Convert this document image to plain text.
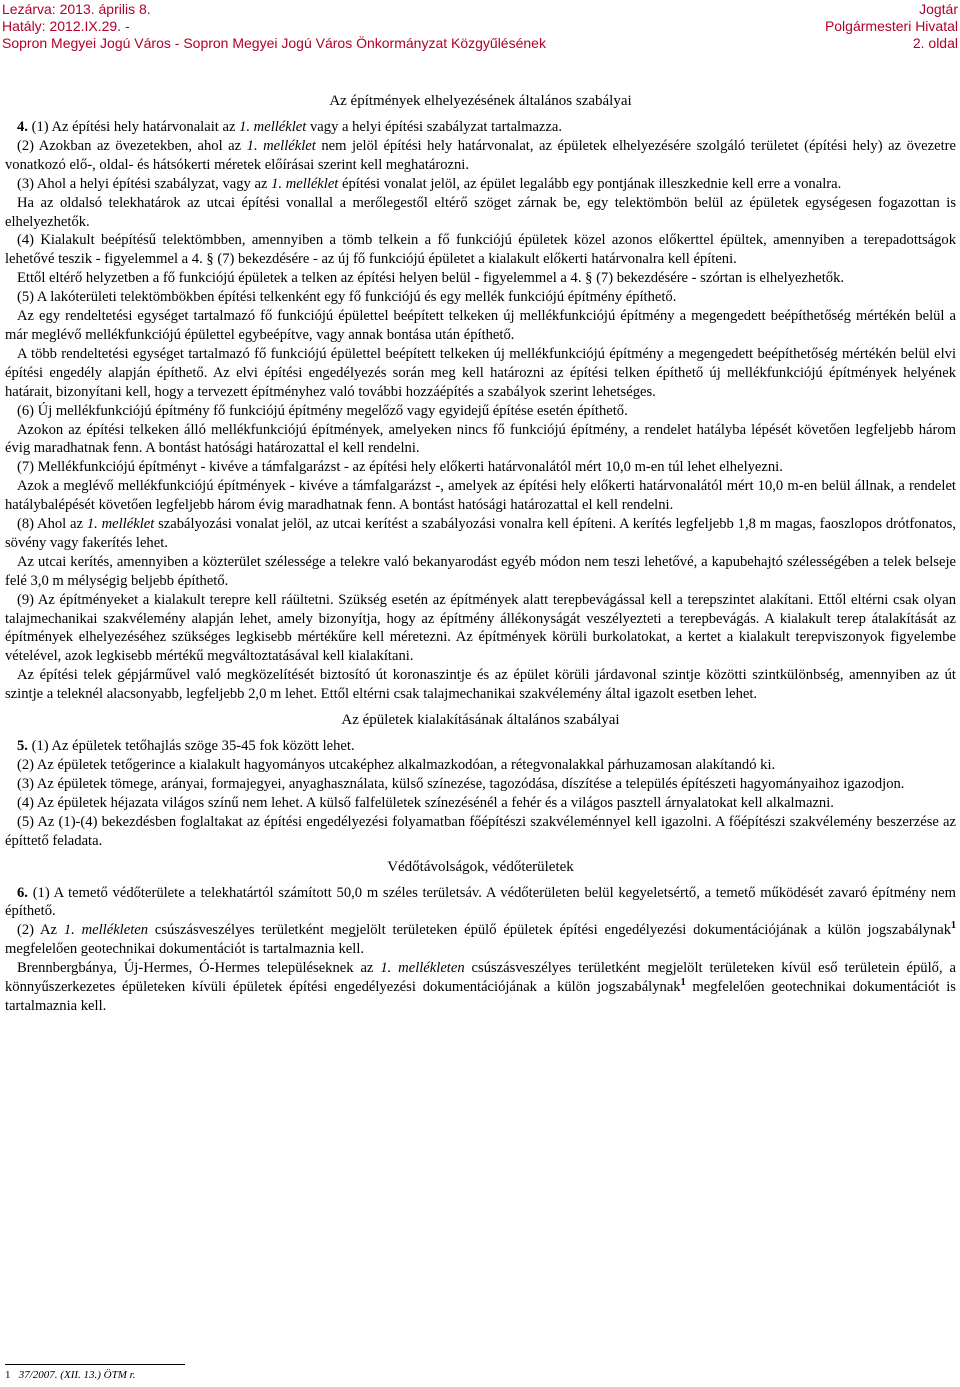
Lezárva: 2013. április 8.
Hatály: 2012.IX.29. -
Sopron Megyei Jogú Város - Sopron Megyei Jogú Város Önkormányzat Közgyűlésének
Jogtár
Polgármesteri Hivatal
2. oldal
Az építmények elhelyezésének általános szabályai

4. (1) Az építési hely határvonalait az 1. melléklet vagy a helyi építési szabályzat tartalmazza.

(2) Azokban az övezetekben, ahol az 1. melléklet nem jelöl építési hely határvonalat, az épületek elhelyezésére szolgáló területet (építési hely) az övezetre vonatkozó elő-, oldal- és hátsókerti méretek előírásai szerint kell meghatározni.

(3) Ahol a helyi építési szabályzat, vagy az 1. melléklet építési vonalat jelöl, az épület legalább egy pontjának illeszkednie kell erre a vonalra.

Ha az oldalsó telekhatárok az utcai építési vonallal a merőlegestől eltérő szöget zárnak be, egy telektömbön belül az épületek egységesen fogazottan is elhelyezhetők.

(4) Kialakult beépítésű telektömbben, amennyiben a tömb telkein a fő funkciójú épületek közel azonos előkerttel épültek, amennyiben a terepadottságok lehetővé teszik - figyelemmel a 4. § (7) bekezdésére - az új fő funkciójú épületet a kialakult előkerti határvonalra kell építeni.

Ettől eltérő helyzetben a fő funkciójú épületek a telken az építési helyen belül - figyelemmel a 4. § (7) bekezdésére - szórtan is elhelyezhetők.

(5) A lakóterületi telektömbökben építési telkenként egy fő funkciójú és egy mellék funkciójú építmény építhető.

Az egy rendeltetési egységet tartalmazó fő funkciójú épülettel beépített telkeken új mellékfunkciójú építmény a megengedett beépíthetőség mértékén belül a már meglévő mellékfunkciójú épülettel egybeépítve, vagy annak bontása után építhető.

A több rendeltetési egységet tartalmazó fő funkciójú épülettel beépített telkeken új mellékfunkciójú építmény a megengedett beépíthetőség mértékén belül elvi építési engedély alapján építhető. Az elvi építési engedélyezés során meg kell határozni az építési telken építhető új mellékfunkciójú építmények helyének határait, bizonyítani kell, hogy a tervezett építményhez való további hozzáépítés a szabályok szerint lehetséges.

(6) Új mellékfunkciójú építmény fő funkciójú építmény megelőző vagy egyidejű építése esetén építhető.

Azokon az építési telkeken álló mellékfunkciójú építmények, amelyeken nincs fő funkciójú építmény, a rendelet hatályba lépését követően legfeljebb három évig maradhatnak fenn. A bontást hatósági határozattal el kell rendelni.

(7) Mellékfunkciójú építményt - kivéve a támfalgarázst - az építési hely előkerti határvonalától mért 10,0 m-en túl lehet elhelyezni.

Azok a meglévő mellékfunkciójú építmények - kivéve a támfalgarázst -, amelyek az építési hely előkerti határvonalától mért 10,0 m-en belül állnak, a rendelet hatálybalépését követően legfeljebb három évig maradhatnak fenn. A bontást hatósági határozattal el kell rendelni.

(8) Ahol az 1. melléklet szabályozási vonalat jelöl, az utcai kerítést a szabályozási vonalra kell építeni. A kerítés legfeljebb 1,8 m magas, faoszlopos drótfonatos, sövény vagy fakerítés lehet.

Az utcai kerítés, amennyiben a közterület szélessége a telekre való bekanyarodást egyéb módon nem teszi lehetővé, a kapubehajtó szélességében a telek belseje felé 3,0 m mélységig beljebb építhető.

(9) Az építményeket a kialakult terepre kell ráültetni. Szükség esetén az építmények alatt terepbevágással kell a terepszintet alakítani. Ettől eltérni csak olyan talajmechanikai szakvélemény alapján lehet, amely bizonyítja, hogy az építmény állékonyságát veszélyezteti a terepbevágás. A kialakult terep átalakítását az építmények elhelyezéséhez szükséges legkisebb mértékűre kell méretezni. Az építmények körüli burkolatokat, a kertet a kialakult terepviszonyok figyelembe vételével, azok legkisebb mértékű megváltoztatásával kell kialakítani.

Az építési telek gépjárművel való megközelítését biztosító út koronaszintje és az épület körüli járdavonal szintje közötti szintkülönbség, amennyiben az út szintje a teleknél alacsonyabb, legfeljebb 2,0 m lehet. Ettől eltérni csak talajmechanikai szakvélemény által igazolt esetben lehet.

Az épületek kialakításának általános szabályai

5. (1) Az épületek tetőhajlás szöge 35-45 fok között lehet.

(2) Az épületek tetőgerince a kialakult hagyományos utcaképhez alkalmazkodóan, a rétegvonalakkal párhuzamosan alakítandó ki.

(3) Az épületek tömege, arányai, formajegyei, anyaghasználata, külső színezése, tagozódása, díszítése a település építészeti hagyományaihoz igazodjon.

(4) Az épületek héjazata világos színű nem lehet. A külső falfelületek színezésénél a fehér és a világos pasztell árnyalatokat kell alkalmazni.

(5) Az (1)-(4) bekezdésben foglaltakat az építési engedélyezési folyamatban főépítészi szakvéleménnyel kell igazolni. A főépítészi szakvélemény beszerzése az építtető feladata.

Védőtávolságok, védőterületek

6. (1) A temető védőterülete a telekhatártól számított 50,0 m széles területsáv. A védőterületen belül kegyeletsértő, a temető működését zavaró építmény nem építhető.

(2) Az 1. mellékleten csúszásveszélyes területként megjelölt területeken épülő épületek építési engedélyezési dokumentációjának a külön jogszabálynak$^1$ megfelelően geotechnikai dokumentációt is tartalmaznia kell.

Brennbergbánya, Új-Hermes, Ó-Hermes településeknek az 1. mellékleten csúszásveszélyes területként megjelölt területeken kívül eső területein épülő, a könnyűszerkezetes épületeken kívüli épületek építési engedélyezési dokumentációjának a külön jogszabálynak$^1$ megfelelően geotechnikai dokumentációt is tartalmaznia kell.

1 37/2007. (XII. 13.) ÖTM r.
